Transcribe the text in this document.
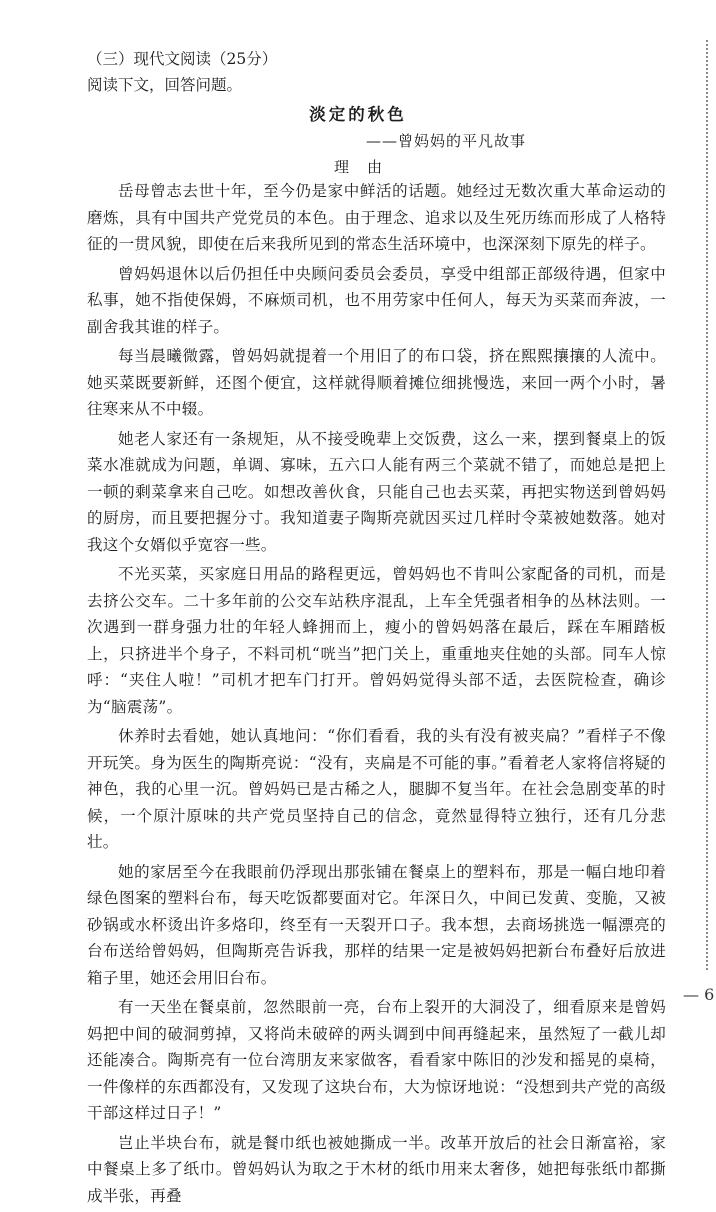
（三）现代文阅读（25分）
阅读下文，回答问题。
淡定的秋色
——曾妈妈的平凡故事
理由

岳母曾志去世十年，至今仍是家中鲜活的话题。她经过无数次重大革命运动的磨炼，具有中国共产党党员的本色。由于理念、追求以及生死历练而形成了人格特征的一贯风貌，即使在后来我所见到的常态生活环境中，也深深刻下原先的样子。

曾妈妈退休以后仍担任中央顾问委员会委员，享受中组部正部级待遇，但家中私事，她不指使保姆，不麻烦司机，也不用劳家中任何人，每天为买菜而奔波，一副舍我其谁的样子。

每当晨曦微露，曾妈妈就提着一个用旧了的布口袋，挤在熙熙攘攘的人流中。她买菜既要新鲜，还图个便宜，这样就得顺着摊位细挑慢选，来回一两个小时，暑往寒来从不中辍。

她老人家还有一条规矩，从不接受晚辈上交饭费，这么一来，摆到餐桌上的饭菜水准就成为问题，单调、寡味，五六口人能有两三个菜就不错了，而她总是把上一顿的剩菜拿来自己吃。如想改善伙食，只能自己也去买菜，再把实物送到曾妈妈的厨房，而且要把握分寸。我知道妻子陶斯亮就因买过几样时令菜被她数落。她对我这个女婿似乎宽容一些。

不光买菜，买家庭日用品的路程更远，曾妈妈也不肯叫公家配备的司机，而是去挤公交车。二十多年前的公交车站秩序混乱，上车全凭强者相争的丛林法则。一次遇到一群身强力壮的年轻人蜂拥而上，瘦小的曾妈妈落在最后，踩在车厢踏板上，只挤进半个身子，不料司机“咣当”把门关上，重重地夹住她的头部。同车人惊呼：“夹住人啦！”司机才把车门打开。曾妈妈觉得头部不适，去医院检查，确诊为“脑震荡”。

休养时去看她，她认真地问：“你们看看，我的头有没有被夹扁？”看样子不像开玩笑。身为医生的陶斯亮说：“没有，夹扁是不可能的事。”看着老人家将信将疑的神色，我的心里一沉。曾妈妈已是古稀之人，腿脚不复当年。在社会急剧变革的时候，一个原汁原味的共产党员坚持自己的信念，竟然显得特立独行，还有几分悲壮。

她的家居至今在我眼前仍浮现出那张铺在餐桌上的塑料布，那是一幅白地印着绿色图案的塑料台布，每天吃饭都要面对它。年深日久，中间已发黄、变脆，又被砂锅或水杯烫出许多烙印，终至有一天裂开口子。我本想，去商场挑选一幅漂亮的台布送给曾妈妈，但陶斯亮告诉我，那样的结果一定是被妈妈把新台布叠好后放进箱子里，她还会用旧台布。

有一天坐在餐桌前，忽然眼前一亮，台布上裂开的大洞没了，细看原来是曾妈妈把中间的破洞剪掉，又将尚未破碎的两头调到中间再缝起来，虽然短了一截儿却还能凑合。陶斯亮有一位台湾朋友来家做客，看看家中陈旧的沙发和摇晃的桌椅，一件像样的东西都没有，又发现了这块台布，大为惊讶地说：“没想到共产党的高级干部这样过日子！”

岂止半块台布，就是餐巾纸也被她撕成一半。改革开放后的社会日渐富裕，家中餐桌上多了纸巾。曾妈妈认为取之于木材的纸巾用来太奢侈，她把每张纸巾都撕成半张，再叠

— 6
